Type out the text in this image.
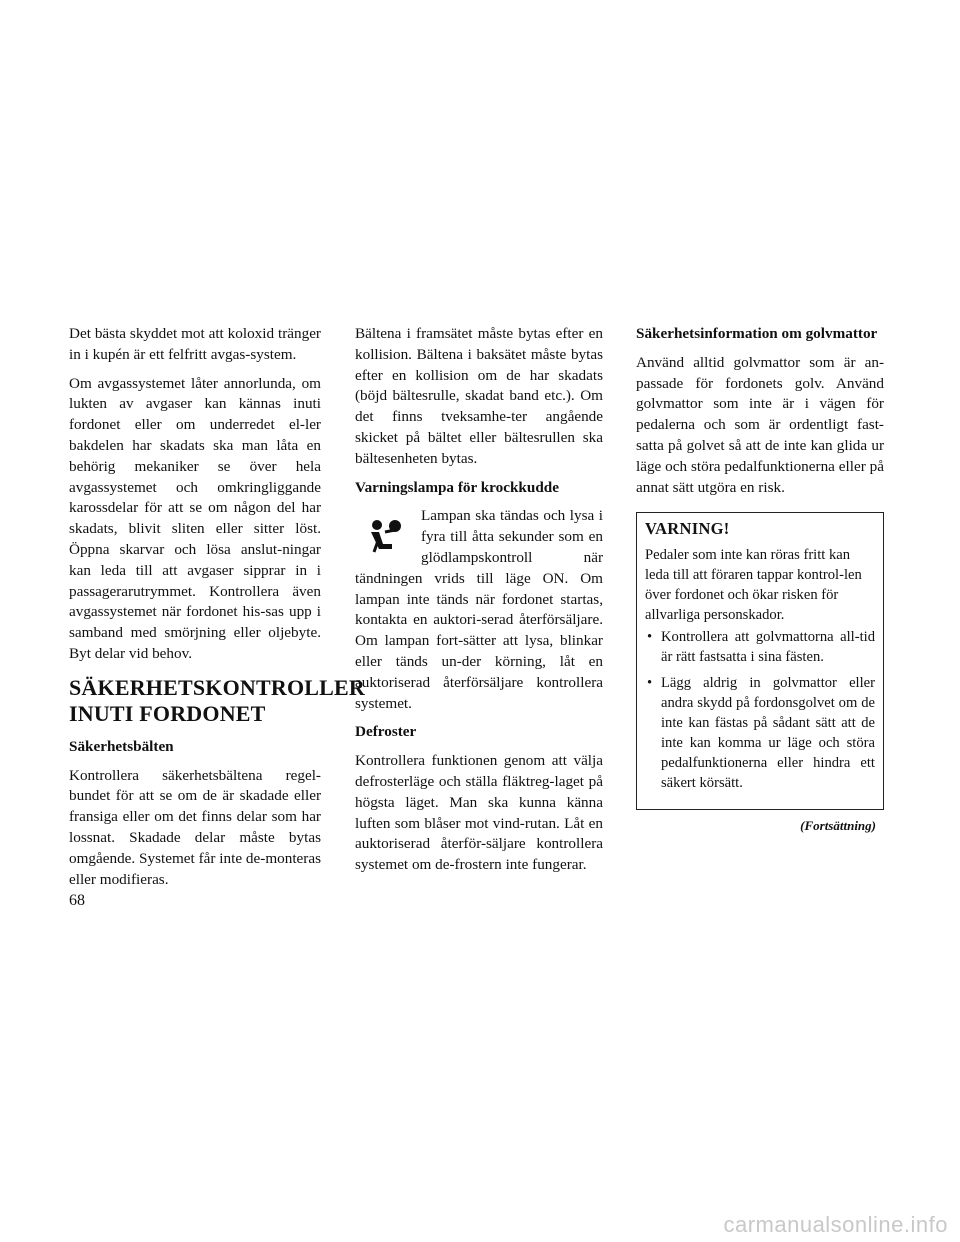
Det bästa skyddet mot att koloxid tränger in i kupén är ett felfritt avgas-system.

Om avgassystemet låter annorlunda, om lukten av avgaser kan kännas inuti fordonet eller om underredet el-ler bakdelen har skadats ska man låta en behörig mekaniker se över hela avgassystemet och omkringliggande karossdelar för att se om någon del har skadats, blivit sliten eller sitter löst. Öppna skarvar och lösa anslut-ningar kan leda till att avgaser sipprar in i passagerarutrymmet. Kontrollera även avgassystemet när fordonet his-sas upp i samband med smörjning eller oljebyte. Byt delar vid behov.

SÄKERHETSKONTROLLER INUTI FORDONET
Säkerhetsbälten

Kontrollera säkerhetsbältena regel-bundet för att se om de är skadade eller fransiga eller om det finns delar som har lossnat. Skadade delar måste bytas omgående. Systemet får inte de-monteras eller modifieras.

Bältena i framsätet måste bytas efter en kollision. Bältena i baksätet måste bytas efter en kollision om de har skadats (böjd bältesrulle, skadat band etc.). Om det finns tveksamhe-ter angående skicket på bältet eller bältesrullen ska bältesenheten bytas.

Varningslampa för krockkudde

Lampan ska tändas och lysa i fyra till åtta sekunder som en glödlampskontroll när tändningen vrids till läge ON. Om lampan inte tänds när fordonet startas, kontakta en auktori-serad återförsäljare. Om lampan fort-sätter att lysa, blinkar eller tänds un-der körning, låt en auktoriserad återförsäljare kontrollera systemet.

Defroster

Kontrollera funktionen genom att välja defrosterläge och ställa fläktreg-laget på högsta läget. Man ska kunna känna luften som blåser mot vind-rutan. Låt en auktoriserad återför-säljare kontrollera systemet om de-frostern inte fungerar.

Säkerhetsinformation om golvmattor

Använd alltid golvmattor som är an-passade för fordonets golv. Använd golvmattor som inte är i vägen för pedalerna och som är ordentligt fast-satta på golvet så att de inte kan glida ur läge och störa pedalfunktionerna eller på annat sätt utgöra en risk.

VARNING!

Pedaler som inte kan röras fritt kan leda till att föraren tappar kontrol-len över fordonet och ökar risken för allvarliga personskador.

• Kontrollera att golvmattorna all-tid är rätt fastsatta i sina fästen.
• Lägg aldrig in golvmattor eller andra skydd på fordonsgolvet om de inte kan fästas på sådant sätt att de inte kan komma ur läge och störa pedalfunktionerna eller hindra ett säkert körsätt.
(Fortsättning)
68
carmanualsonline.info
